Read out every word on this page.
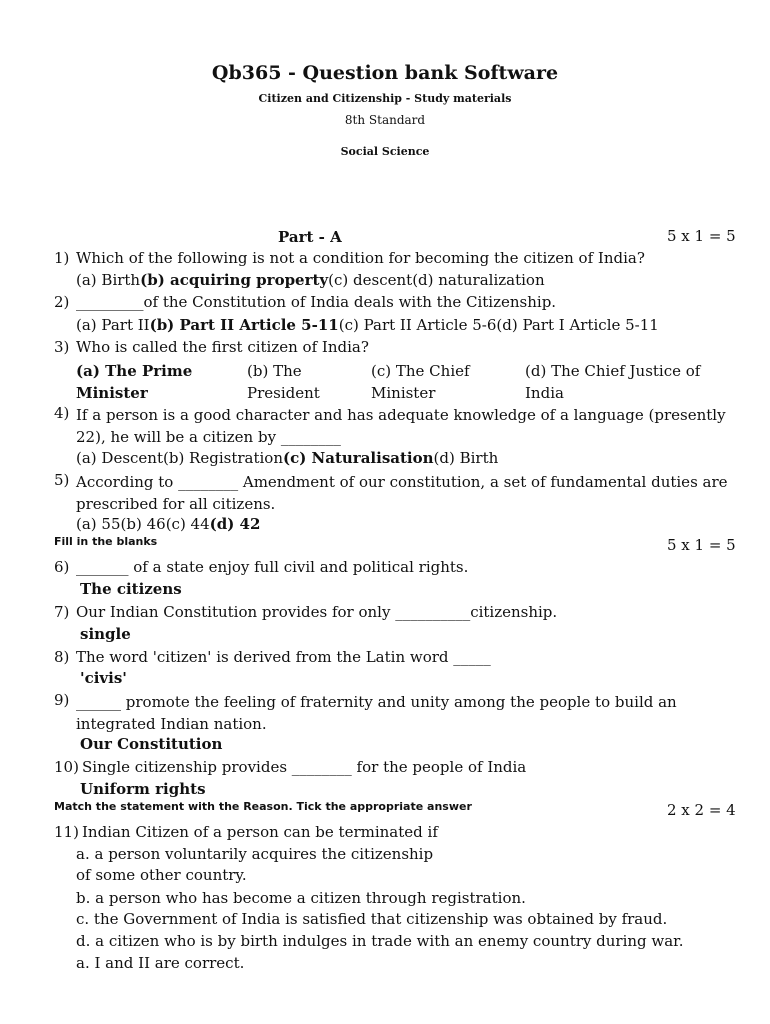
Qb365 - Question bank Software
Citizen and Citizenship - Study materials
8th Standard
Social Science
Part - A	5 x 1 = 5
1) Which of the following is not a condition for becoming the citizen of India?
(a) Birth(b) acquiring property(c) descent(d) naturalization
2) _________of the Constitution of India deals with the Citizenship.
(a) Part II(b) Part II Article 5-11(c) Part II Article 5-6(d) Part I Article 5-11
3) Who is called the first citizen of India?
(a) The Prime Minister
(b) The President
(c) The Chief Minister
(d) The Chief Justice of India
4) If a person is a good character and has adequate knowledge of a language (presently 22), he will be a citizen by ________
(a) Descent(b) Registration(c) Naturalisation(d) Birth
5) According to ________ Amendment of our constitution, a set of fundamental duties are prescribed for all citizens.
(a) 55(b) 46(c) 44(d) 42
Fill in the blanks	5 x 1 = 5
6) _______ of a state enjoy full civil and political rights.
The citizens
7) Our Indian Constitution provides for only __________citizenship.
single
8) The word 'citizen' is derived from the Latin word _____
'civis'
9) ______ promote the feeling of fraternity and unity among the people to build an integrated Indian nation.
Our Constitution
10) Single citizenship provides ________ for the people of India
Uniform rights
Match the statement with the Reason. Tick the appropriate answer	2 x 2 = 4
11) Indian Citizen of a person can be terminated if
a. a person voluntarily acquires the citizenship
of some other country.
b. a person who has become a citizen through registration.
c. the Government of India is satisfied that citizenship was obtained by fraud.
d. a citizen who is by birth indulges in trade with an enemy country during war.
a. I and II are correct.
